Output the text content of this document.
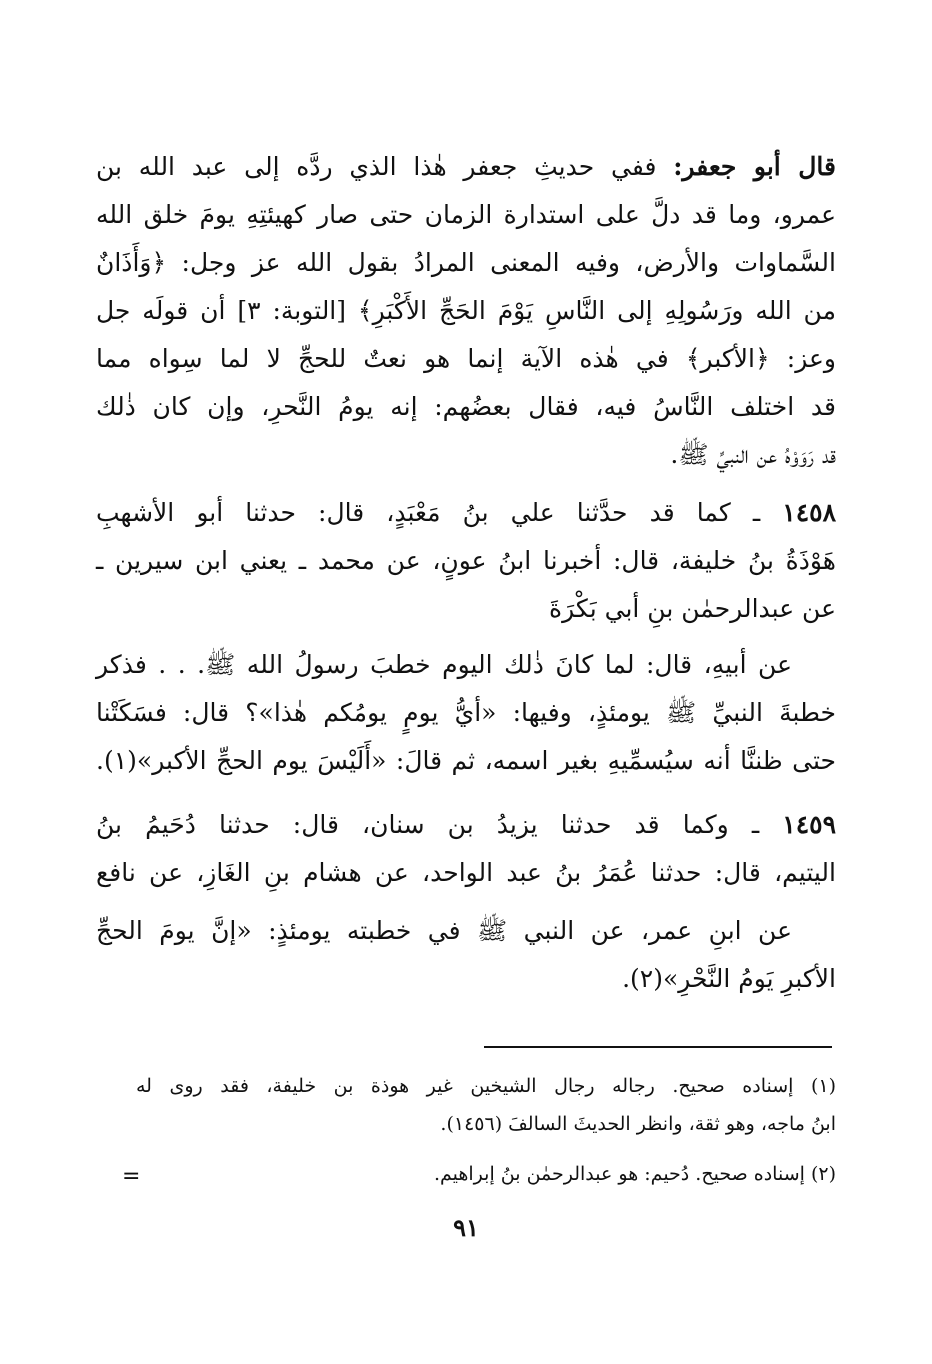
قال أبو جعفر: ففي حديثِ جعفر هٰذا الذي ردَّه إلى عبد الله بن
عمرو، وما قد دلَّ على استدارة الزمان حتى صار كهيئتِهِ يومَ خلق الله
السَّماوات والأرض، وفيه المعنى المرادُ بقول الله عز وجل: ﴿وَأَذَانٌ
من الله ورَسُولِهِ إلى النَّاسِ يَوْمَ الحَجِّ الأَكْبَرِ﴾ [التوبة: ٣] أن قولَه جل
وعز: ﴿الأكبر﴾ في هٰذه الآية إنما هو نعتٌ للحجِّ لا لما سِواه مما
قد اختلف النَّاسُ فيه، فقال بعضُهم: إنه يومُ النَّحرِ، وإن كان ذٰلك
قد رَوَوْهُ عن النبيِّ ﷺ.
١٤٥٨ ـ كما قد حدَّثنا علي بنُ مَعْبَدٍ، قال: حدثنا أبو الأشهبِ
هَوْذَةُ بنُ خليفة، قال: أخبرنا ابنُ عونٍ، عن محمد ـ يعني ابن سيرين ـ
عن عبدالرحمٰن بنِ أبي بَكْرَةَ
عن أبيهِ، قال: لما كانَ ذٰلك اليوم خطبَ رسولُ الله ﷺ. . . فذكر
خطبةَ النبيِّ ﷺ يومئذٍ، وفيها: «أيُّ يومٍ يومُكم هٰذا»؟ قال: فسَكَتْنا
حتى ظننَّا أنه سيُسمِّيهِ بغير اسمه، ثم قالَ: «أَلَيْسَ يوم الحجِّ الأكبر»(١).
١٤٥٩ ـ وكما قد حدثنا يزيدُ بن سنان، قال: حدثنا دُحَيمُ بنُ
اليتيم، قال: حدثنا عُمَرُ بنُ عبد الواحد، عن هشام بنِ الغَازِ، عن نافع
عن ابنِ عمر، عن النبي ﷺ في خطبته يومئذٍ: «إنَّ يومَ الحجِّ
الأكبرِ يَومُ النَّحْرِ»(٢).
(١) إسناده صحيح. رجاله رجال الشيخين غير هوذة بن خليفة، فقد روى له
ابنُ ماجه، وهو ثقة، وانظر الحديثَ السالفَ (١٤٥٦).
(٢) إسناده صحيح. دُحيم: هو عبدالرحمٰن بنُ إبراهيم.
=
٩١
